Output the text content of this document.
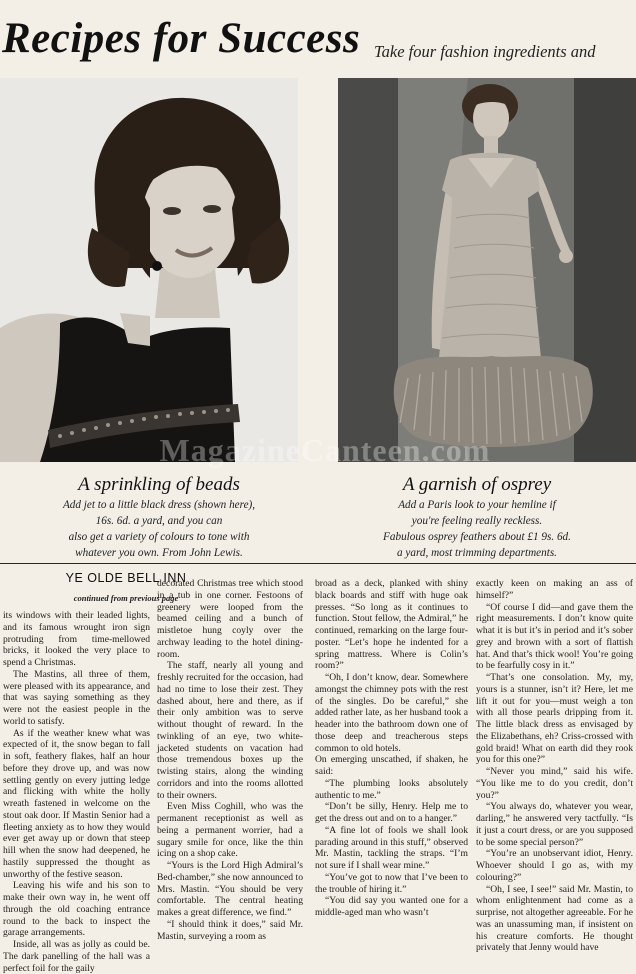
Recipes for Success Take four fashion ingredients and
MagazineCanteen.com
A sprinkling of beads
Add jet to a little black dress (shown here),
16s. 6d. a yard, and you can
also get a variety of colours to tone with
whatever you own. From John Lewis.
A garnish of osprey
Add a Paris look to your hemline if
you're feeling really reckless.
Fabulous osprey feathers about £1 9s. 6d.
a yard, most trimming departments.
YE OLDE BELL INN
continued from previous page

its windows with their leaded lights, and its famous wrought iron sign protruding from time-mellowed bricks, it looked the very place to spend a Christmas.

The Mastins, all three of them, were pleased with its appearance, and that was saying something as they were not the easiest people in the world to satisfy.

As if the weather knew what was expected of it, the snow began to fall in soft, feathery flakes, half an hour before they drove up, and was now settling gently on every jutting ledge and flicking with white the holly wreath fastened in welcome on the stout oak door. If Mastin Senior had a fleeting anxiety as to how they would ever get away up or down that steep hill when the snow had deepened, he hastily suppressed the thought as unworthy of the festive season.

Leaving his wife and his son to make their own way in, he went off through the old coaching entrance round to the back to inspect the garage arrangements.

Inside, all was as jolly as could be. The dark panelling of the hall was a perfect foil for the gaily

decorated Christmas tree which stood in a tub in one corner. Festoons of greenery were looped from the beamed ceiling and a bunch of mistletoe hung coyly over the archway leading to the hotel dining-room.

The staff, nearly all young and freshly recruited for the occasion, had had no time to lose their zest. They dashed about, here and there, as if their only ambition was to serve without thought of reward. In the twinkling of an eye, two white-jacketed students on vacation had those tremendous boxes up the twisting stairs, along the winding corridors and into the rooms allotted to their owners.

Even Miss Coghill, who was the permanent receptionist as well as being a permanent worrier, had a sugary smile for once, like the thin icing on a shop cake.

“Yours is the Lord High Admiral’s Bed-chamber,” she now announced to Mrs. Mastin. “You should be very comfortable. The central heating makes a great difference, we find.”

“I should think it does,” said Mr. Mastin, surveying a room as

broad as a deck, planked with shiny black boards and stiff with huge oak presses. “So long as it continues to function. Stout fellow, the Admiral,” he continued, remarking on the large four-poster. “Let’s hope he indented for a spring mattress. Where is Colin’s room?”

“Oh, I don’t know, dear. Somewhere amongst the chimney pots with the rest of the singles. Do be careful,” she added rather late, as her husband took a header into the bathroom down one of those deep and treacherous steps common to old hotels.

On emerging unscathed, if shaken, he said:

“The plumbing looks absolutely authentic to me.”

“Don’t be silly, Henry. Help me to get the dress out and on to a hanger.”

“A fine lot of fools we shall look parading around in this stuff,” observed Mr. Mastin, tackling the straps. “I’m not sure if I shall wear mine.”

“You’ve got to now that I’ve been to the trouble of hiring it.”

“You did say you wanted one for a middle-aged man who wasn’t

exactly keen on making an ass of himself?”

“Of course I did—and gave them the right measurements. I don’t know quite what it is but it’s in period and it’s sober grey and brown with a sort of flattish hat. And that’s thick wool! You’re going to be fearfully cosy in it.”

“That’s one consolation. My, my, yours is a stunner, isn’t it? Here, let me lift it out for you—must weigh a ton with all those pearls dripping from it. The little black dress as envisaged by the Elizabethans, eh? Criss-crossed with gold braid! What on earth did they rook you for this one?”

“Never you mind,” said his wife. “You like me to do you credit, don’t you?”

“You always do, whatever you wear, darling,” he answered very tactfully. “Is it just a court dress, or are you supposed to be some special person?”

“You’re an unobservant idiot, Henry. Whoever should I go as, with my colouring?”

“Oh, I see, I see!” said Mr. Mastin, to whom enlightenment had come as a surprise, not altogether agreeable. For he was an unassuming man, if insistent on his creature comforts. He thought privately that Jenny would have
